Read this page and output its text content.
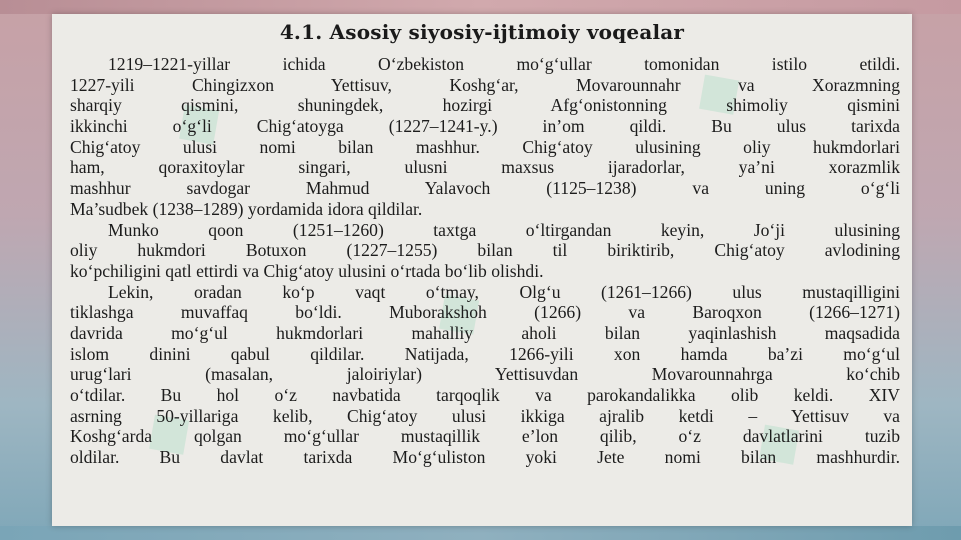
◆	◆
◆
◆	◆
4.1. Asosiy siyosiy-ijtimoiy voqealar
1219–1221-yillar ichida O‘zbekiston mo‘g‘ullar tomonidan istilo etildi.
1227-yili Chingizxon Yettisuv, Koshg‘ar, Movarounnahr va Xorazmning
sharqiy qismini, shuningdek, hozirgi Afg‘onistonning shimoliy qismini
ikkinchi o‘g‘li Chig‘atoyga (1227–1241-y.) in’om qildi. Bu ulus tarixda
Chig‘atoy ulusi nomi bilan mashhur. Chig‘atoy ulusining oliy hukmdorlari
ham, qoraxitoylar singari, ulusni maxsus ijaradorlar, ya’ni xorazmlik
mashhur savdogar Mahmud Yalavoch (1125–1238) va uning o‘g‘li
Ma’sudbek (1238–1289) yordamida idora qildilar.
Munko qoon (1251–1260) taxtga o‘ltirgandan keyin, Jo‘ji ulusining
oliy hukmdori Botuxon (1227–1255) bilan til biriktirib, Chig‘atoy avlodining
ko‘pchiligini qatl ettirdi va Chig‘atoy ulusini o‘rtada bo‘lib olishdi.
Lekin, oradan ko‘p vaqt o‘tmay, Olg‘u (1261–1266) ulus mustaqilligini
tiklashga muvaffaq bo‘ldi. Muborakshoh (1266) va Baroqxon (1266–1271)
davrida mo‘g‘ul hukmdorlari mahalliy aholi bilan yaqinlashish maqsadida
islom dinini qabul qildilar. Natijada, 1266-yili xon hamda ba’zi mo‘g‘ul
urug‘lari (masalan, jaloiriylar) Yettisuvdan Movarounnahrga ko‘chib
o‘tdilar. Bu hol o‘z navbatida tarqoqlik va parokandalikka olib keldi. XIV
asrning 50-yillariga kelib, Chig‘atoy ulusi ikkiga ajralib ketdi – Yettisuv va
Koshg‘arda qolgan mo‘g‘ullar mustaqillik e’lon qilib, o‘z davlatlarini tuzib
oldilar. Bu davlat tarixda Mo‘g‘uliston yoki Jete nomi bilan mashhurdir.
